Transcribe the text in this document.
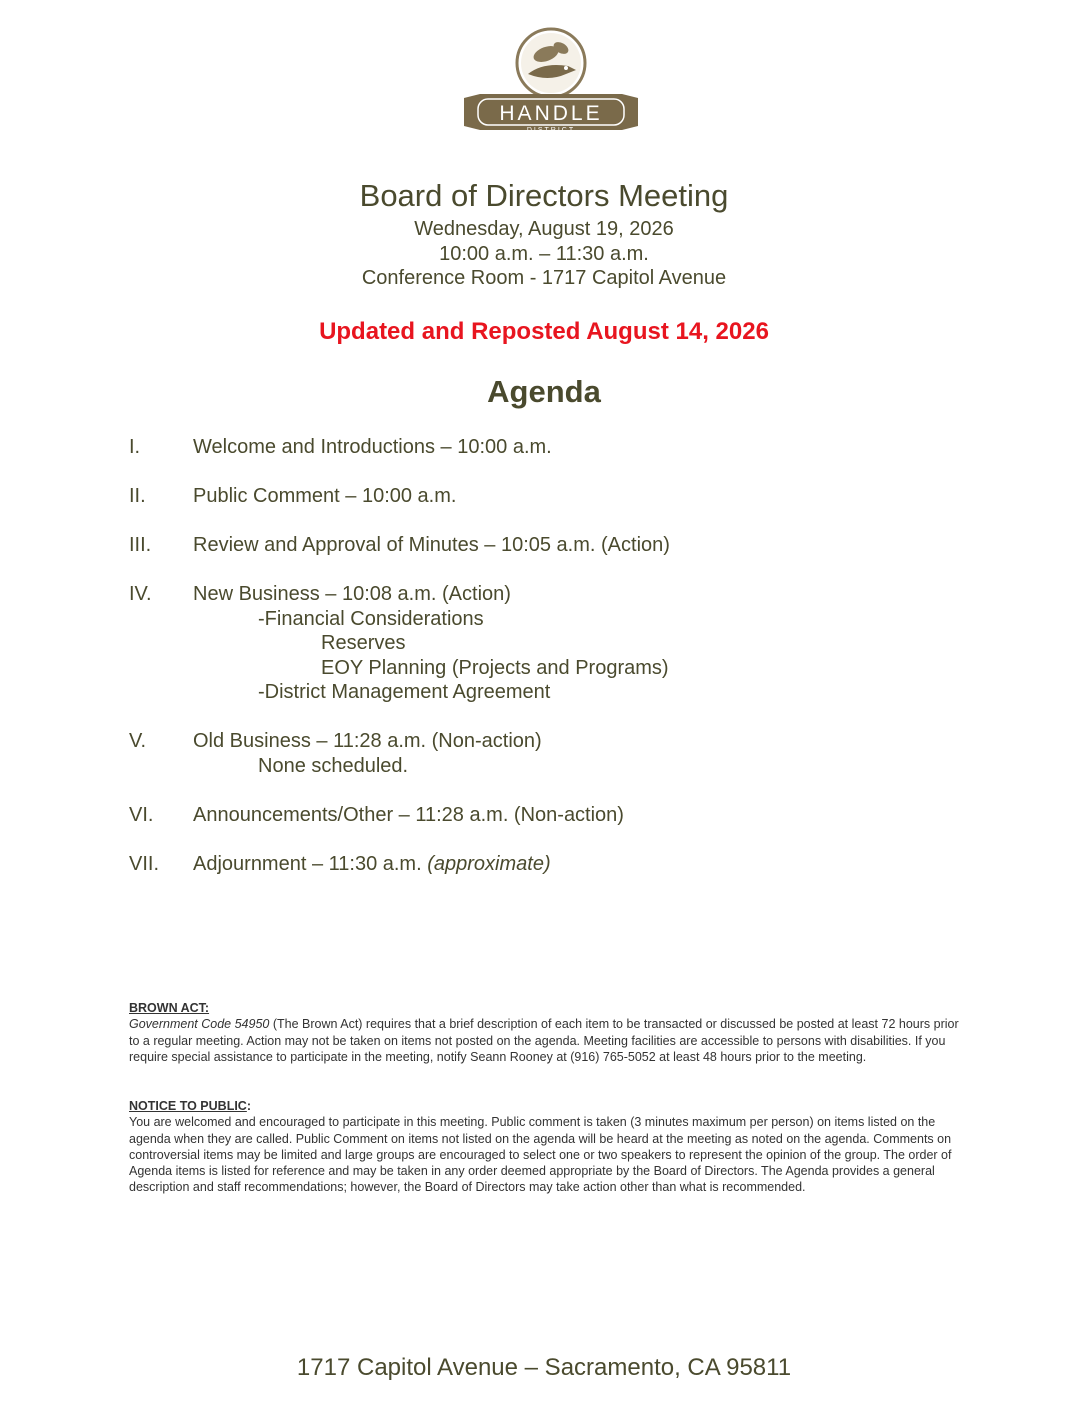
HANDLE
DISTRICT
Board of Directors Meeting
Wednesday, August 19, 2026
10:00 a.m. – 11:30 a.m.
Conference Room - 1717 Capitol Avenue
Updated and Reposted August 14, 2026
Agenda
I.	Welcome and Introductions – 10:00 a.m.
II. Public Comment – 10:00 a.m.
III. Review and Approval of Minutes – 10:05 a.m. (Action)
IV. New Business – 10:08 a.m. (Action)
-Financial Considerations
Reserves
EOY Planning (Projects and Programs)
-District Management Agreement
V. Old Business – 11:28 a.m. (Non-action)
None scheduled.
VI. Announcements/Other – 11:28 a.m. (Non-action)
VII. Adjournment – 11:30 a.m. (approximate)
BROWN ACT:
Government Code 54950 (The Brown Act) requires that a brief description of each item to be transacted or discussed be posted at least 72 hours prior to a regular meeting. Action may not be taken on items not posted on the agenda. Meeting facilities are accessible to persons with disabilities. If you require special assistance to participate in the meeting, notify Seann Rooney at (916) 765-5052 at least 48 hours prior to the meeting.
NOTICE TO PUBLIC:
You are welcomed and encouraged to participate in this meeting. Public comment is taken (3 minutes maximum per person) on items listed on the agenda when they are called. Public Comment on items not listed on the agenda will be heard at the meeting as noted on the agenda. Comments on controversial items may be limited and large groups are encouraged to select one or two speakers to represent the opinion of the group. The order of Agenda items is listed for reference and may be taken in any order deemed appropriate by the Board of Directors. The Agenda provides a general description and staff recommendations; however, the Board of Directors may take action other than what is recommended.
1717 Capitol Avenue – Sacramento, CA 95811
